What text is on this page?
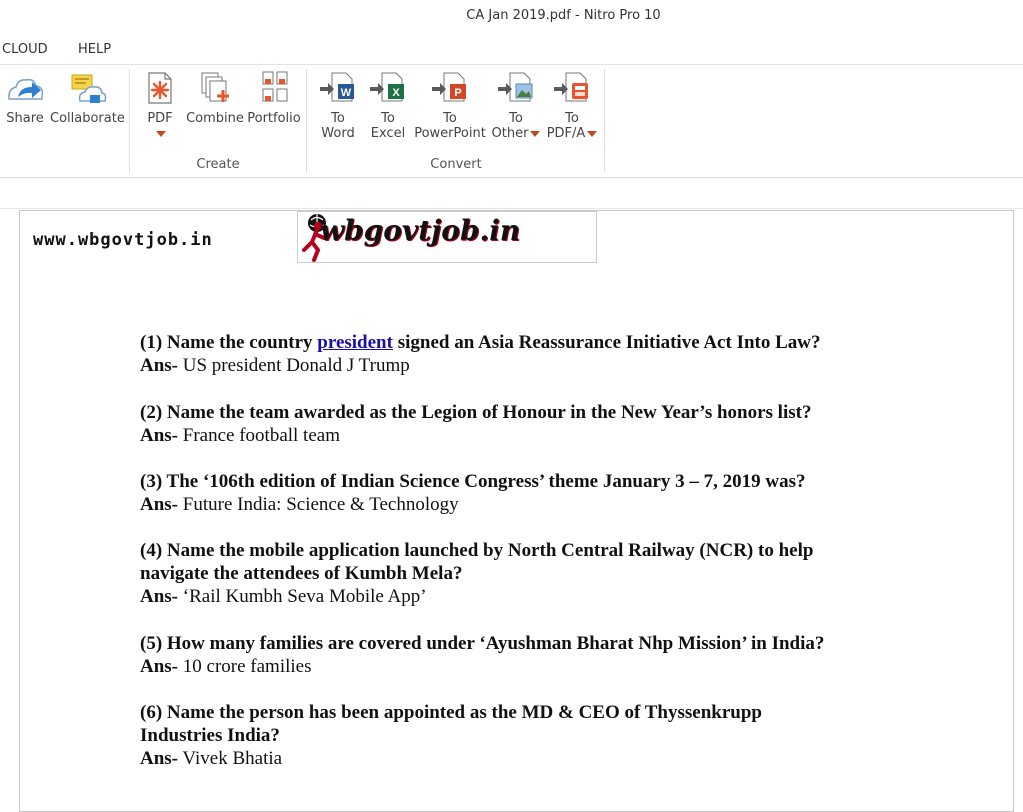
CA Jan 2019.pdf - Nitro Pro 10
CLOUD HELP
Share Collaborate	PDF	Combine Portfolio
Create
W
To
Word
X
To
Excel
P
To
PowerPoint
To
Other
To
PDF/A
Convert
www.wbgovtjob.in	wbgovtjob.in
(1) Name the country president signed an Asia Reassurance Initiative Act Into Law?
Ans- US president Donald J Trump
(2) Name the team awarded as the Legion of Honour in the New Year’s honors list?
Ans- France football team
(3) The ‘106th edition of Indian Science Congress’ theme January 3 – 7, 2019 was?
Ans- Future India: Science & Technology
(4) Name the mobile application launched by North Central Railway (NCR) to help
navigate the attendees of Kumbh Mela?
Ans- ‘Rail Kumbh Seva Mobile App’
(5) How many families are covered under ‘Ayushman Bharat Nhp Mission’ in India?
Ans- 10 crore families
(6) Name the person has been appointed as the MD & CEO of Thyssenkrupp
Industries India?
Ans- Vivek Bhatia
